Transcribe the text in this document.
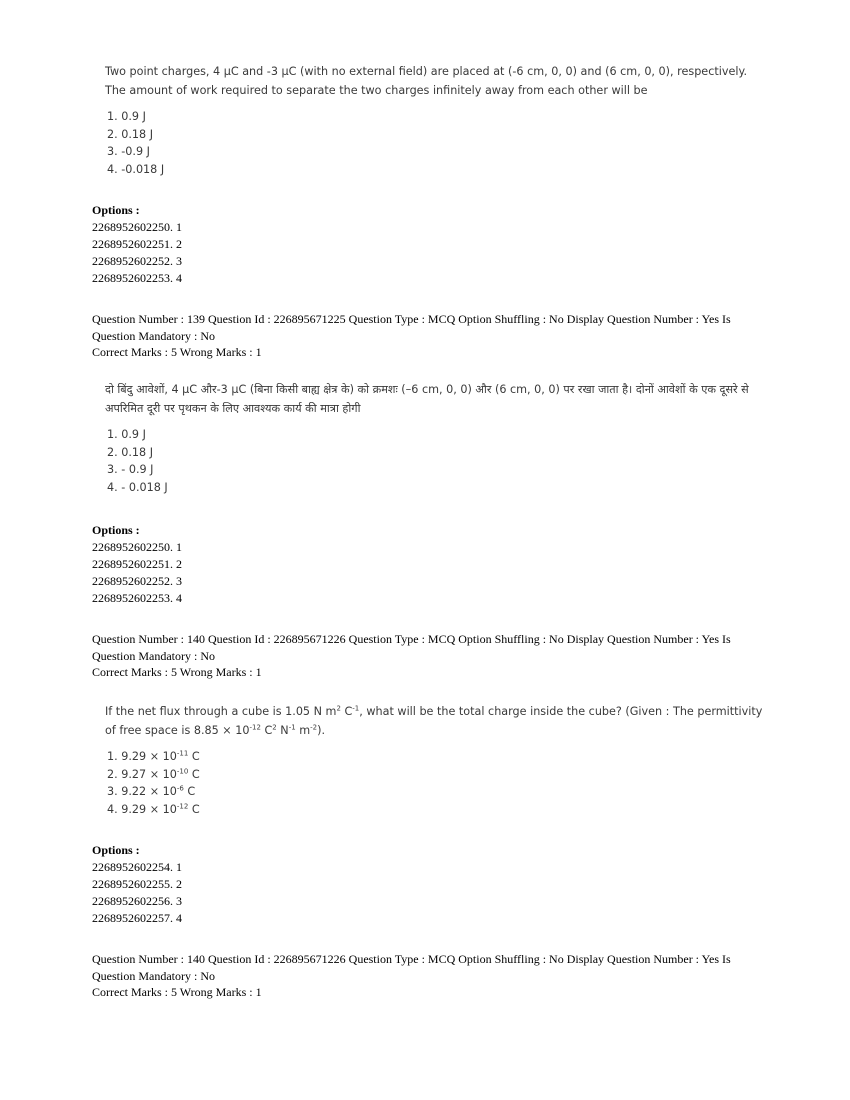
Two point charges, 4 μC and -3 μC (with no external field) are placed at (-6 cm, 0, 0) and (6 cm, 0, 0), respectively. The amount of work required to separate the two charges infinitely away from each other will be

1. 0.9 J
2. 0.18 J
3. -0.9 J
4. -0.018 J
Options :
2268952602250. 1
2268952602251. 2
2268952602252. 3
2268952602253. 4
Question Number : 139 Question Id : 226895671225 Question Type : MCQ Option Shuffling : No Display Question Number : Yes Is Question Mandatory : No
Correct Marks : 5 Wrong Marks : 1

दो बिंदु आवेशों, 4 μC और-3 μC (बिना किसी बाह्य क्षेत्र के) को क्रमशः (–6 cm, 0, 0) और (6 cm, 0, 0) पर रखा जाता है। दोनों आवेशों के एक दूसरे से अपरिमित दूरी पर पृथकन के लिए आवश्यक कार्य की मात्रा होगी

1. 0.9 J
2. 0.18 J
3. - 0.9 J
4. - 0.018 J
Options :
2268952602250. 1
2268952602251. 2
2268952602252. 3
2268952602253. 4
Question Number : 140 Question Id : 226895671226 Question Type : MCQ Option Shuffling : No Display Question Number : Yes Is Question Mandatory : No
Correct Marks : 5 Wrong Marks : 1

If the net flux through a cube is 1.05 N $m^2$ $C^{-1}$, what will be the total charge inside the cube? (Given : The permittivity of free space is $8.85 \times 10^{-12}$ $C^2$ $N^{-1}$ $m^{-2}$).

1. $9.29 \times 10^{-11}$ C
2. $9.27 \times 10^{-10}$ C
3. $9.22 \times 10^{-6}$ C
4. $9.29 \times 10^{-12}$ C
Options :
2268952602254. 1
2268952602255. 2
2268952602256. 3
2268952602257. 4
Question Number : 140 Question Id : 226895671226 Question Type : MCQ Option Shuffling : No Display Question Number : Yes Is Question Mandatory : No
Correct Marks : 5 Wrong Marks : 1
